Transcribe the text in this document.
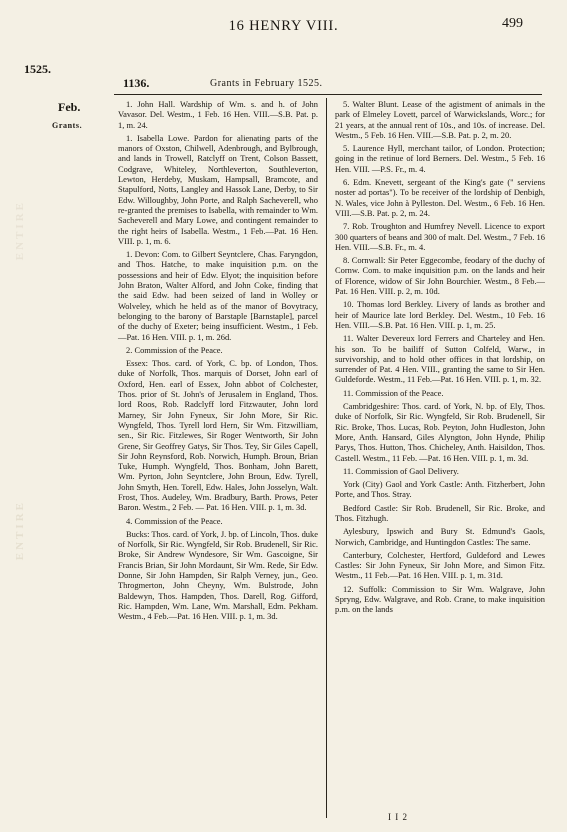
16 HENRY VIII.	499
1525.
1136.	Grants in February 1525.
Feb.
Grants.
ENTIRE
ENTIRE

1. John Hall. Wardship of Wm. s. and h. of John Vavasor. Del. Westm., 1 Feb. 16 Hen. VIII.—S.B. Pat. p. 1, m. 24.

1. Isabella Lowe. Pardon for alienating parts of the manors of Oxston, Chilwell, Adenbrough, and Bylbrough, and lands in Trowell, Ratclyff on Trent, Colson Bassett, Codgrave, Whiteley, Northleverton, Southleverton, Lewton, Herdeby, Muskam, Hampsall, Bramcote, and Stapulford, Notts, Langley and Hassok Lane, Derby, to Sir Edw. Willoughby, John Porte, and Ralph Sacheverell, who re-granted the premises to Isabella, with remainder to Wm. Sacheverell and Mary Lowe, and contingent remainder to the right heirs of Isabella. Westm., 1 Feb.—Pat. 16 Hen. VIII. p. 1, m. 6.

1. Devon: Com. to Gilbert Seyntclere, Chas. Faryngdon, and Thos. Hatche, to make inquisition p.m. on the possessions and heir of Edw. Elyot; the inquisition before John Braton, Walter Alford, and John Coke, finding that the said Edw. had been seized of land in Wolley or Wolveley, which he held as of the manor of Bovytracy, belonging to the barony of Barstaple [Barnstaple], parcel of the duchy of Exeter; being insufficient. Westm., 1 Feb.—Pat. 16 Hen. VIII. p. 1, m. 26d.

2. Commission of the Peace.

Essex: Thos. card. of York, C. bp. of London, Thos. duke of Norfolk, Thos. marquis of Dorset, John earl of Oxford, Hen. earl of Essex, John abbot of Colchester, Thos. prior of St. John's of Jerusalem in England, Thos. lord Roos, Rob. Radclyff lord Fitzwauter, John lord Marney, Sir John Fyneux, Sir John More, Sir Ric. Wyngfeld, Thos. Tyrell lord Hern, Sir Wm. Fitzwilliam, sen., Sir Ric. Fitzlewes, Sir Roger Wentworth, Sir John Grene, Sir Geoffrey Gatys, Sir Thos. Tey, Sir Giles Capell, Sir John Reynsford, Rob. Norwich, Humph. Broun, Brian Tuke, Humph. Wyngfeld, Thos. Bonham, John Barett, Wm. Pyrton, John Seyntclere, John Broun, Edw. Tyrell, John Smyth, Hen. Torell, Edw. Hales, John Josselyn, Walt. Frost, Thos. Audeley, Wm. Bradbury, Barth. Prows, Peter Baron. Westm., 2 Feb. — Pat. 16 Hen. VIII. p. 1, m. 3d.

4. Commission of the Peace.

Bucks: Thos. card. of York, J. bp. of Lincoln, Thos. duke of Norfolk, Sir Ric. Wyngfeld, Sir Rob. Brudenell, Sir Ric. Broke, Sir Andrew Wyndesore, Sir Wm. Gascoigne, Sir Francis Brian, Sir John Mordaunt, Sir Wm. Rede, Sir Edw. Donne, Sir John Hampden, Sir Ralph Verney, jun., Geo. Throgmerton, John Cheyny, Wm. Bulstrode, John Baldewyn, Thos. Hampden, Thos. Darell, Rog. Gifford, Ric. Hampden, Wm. Lane, Wm. Marshall, Edm. Pekham. Westm., 4 Feb.—Pat. 16 Hen. VIII. p. 1, m. 3d.

5. Walter Blunt. Lease of the agistment of animals in the park of Elmeley Lovett, parcel of Warwickslands, Worc.; for 21 years, at the annual rent of 10s., and 10s. of increase. Del. Westm., 5 Feb. 16 Hen. VIII.—S.B. Pat. p. 2, m. 20.

5. Laurence Hyll, merchant tailor, of London. Protection; going in the retinue of lord Berners. Del. Westm., 5 Feb. 16 Hen. VIII. —P.S. Fr., m. 4.

6. Edm. Knevett, sergeant of the King's gate (" serviens noster ad portas"). To be receiver of the lordship of Denbigh, N. Wales, vice John à Pylleston. Del. Westm., 6 Feb. 16 Hen. VIII.—S.B. Pat. p. 2, m. 24.

7. Rob. Troughton and Humfrey Nevell. Licence to export 300 quarters of beans and 300 of malt. Del. Westm., 7 Feb. 16 Hen. VIII.—S.B. Fr., m. 4.

8. Cornwall: Sir Peter Eggecombe, feodary of the duchy of Cornw. Com. to make inquisition p.m. on the lands and heir of Florence, widow of Sir John Bourchier. Westm., 8 Feb.—Pat. 16 Hen. VIII. p. 2, m. 10d.

10. Thomas lord Berkley. Livery of lands as brother and heir of Maurice late lord Berkley. Del. Westm., 10 Feb. 16 Hen. VIII.—S.B. Pat. 16 Hen. VIII. p. 1, m. 25.

11. Walter Devereux lord Ferrers and Charteley and Hen. his son. To be bailiff of Sutton Colfeld, Warw., in survivorship, and to hold other offices in that lordship, on surrender of Pat. 4 Hen. VIII., granting the same to Sir Hen. Guldeforde. Westm., 11 Feb.—Pat. 16 Hen. VIII. p. 1, m. 32.

11. Commission of the Peace.

Cambridgeshire: Thos. card. of York, N. bp. of Ely, Thos. duke of Norfolk, Sir Ric. Wyngfeld, Sir Rob. Brudenell, Sir Ric. Broke, Thos. Lucas, Rob. Peyton, John Hudleston, John More, Anth. Hansard, Giles Alyngton, John Hynde, Philip Parys, Thos. Hutton, Thos. Chicheley, Anth. Haisildon, Thos. Castell. Westm., 11 Feb. —Pat. 16 Hen. VIII. p. 1, m. 3d.

11. Commission of Gaol Delivery.

York (City) Gaol and York Castle: Anth. Fitzherbert, John Porte, and Thos. Stray.

Bedford Castle: Sir Rob. Brudenell, Sir Ric. Broke, and Thos. Fitzhugh.

Aylesbury, Ipswich and Bury St. Edmund's Gaols, Norwich, Cambridge, and Huntingdon Castles: The same.

Canterbury, Colchester, Hertford, Guldeford and Lewes Castles: Sir John Fyneux, Sir John More, and Simon Fitz. Westm., 11 Feb.—Pat. 16 Hen. VIII. p. 1, m. 31d.

12. Suffolk: Commission to Sir Wm. Walgrave, John Spryng, Edw. Walgrave, and Rob. Crane, to make inquisition p.m. on the lands

I I 2
